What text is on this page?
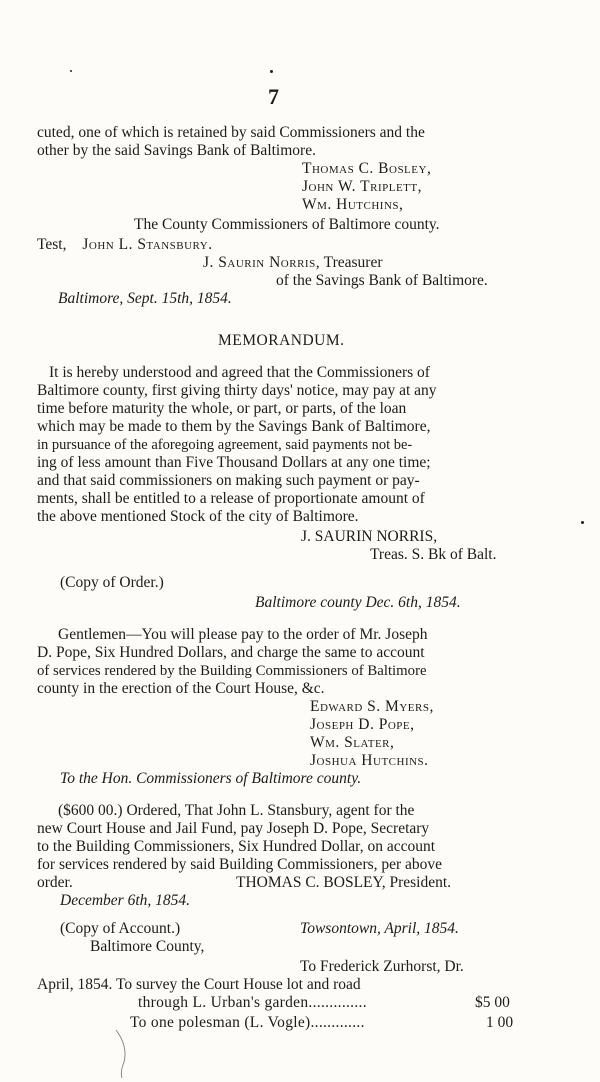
7
cuted, one of which is retained by said Commissioners and the
other by the said Savings Bank of Baltimore.
Thomas C. Bosley,
John W. Triplett,
Wm. Hutchins,
The County Commissioners of Baltimore county.
Test, John L. Stansbury.
J. Saurin Norris, Treasurer
of the Savings Bank of Baltimore.
Baltimore, Sept. 15th, 1854.
MEMORANDUM.
It is hereby understood and agreed that the Commissioners of
Baltimore county, first giving thirty days' notice, may pay at any
time before maturity the whole, or part, or parts, of the loan
which may be made to them by the Savings Bank of Baltimore,
in pursuance of the aforegoing agreement, said payments not be-
ing of less amount than Five Thousand Dollars at any one time;
and that said commissioners on making such payment or pay-
ments, shall be entitled to a release of proportionate amount of
the above mentioned Stock of the city of Baltimore.
J. SAURIN NORRIS,
Treas. S. Bk of Balt.
(Copy of Order.)
Baltimore county Dec. 6th, 1854.
Gentlemen—You will please pay to the order of Mr. Joseph
D. Pope, Six Hundred Dollars, and charge the same to account
of services rendered by the Building Commissioners of Baltimore
county in the erection of the Court House, &c.
Edward S. Myers,
Joseph D. Pope,
Wm. Slater,
Joshua Hutchins.
To the Hon. Commissioners of Baltimore county.
($600 00.) Ordered, That John L. Stansbury, agent for the
new Court House and Jail Fund, pay Joseph D. Pope, Secretary
to the Building Commissioners, Six Hundred Dollar, on account
for services rendered by said Building Commissioners, per above
order.	THOMAS C. BOSLEY, President.
December 6th, 1854.
(Copy of Account.)	Towsontown, April, 1854.
Baltimore County,
To Frederick Zurhorst, Dr.
April, 1854. To survey the Court House lot and road
through L. Urban's garden..............	$5 00
To one polesman (L. Vogle).............	1 00
